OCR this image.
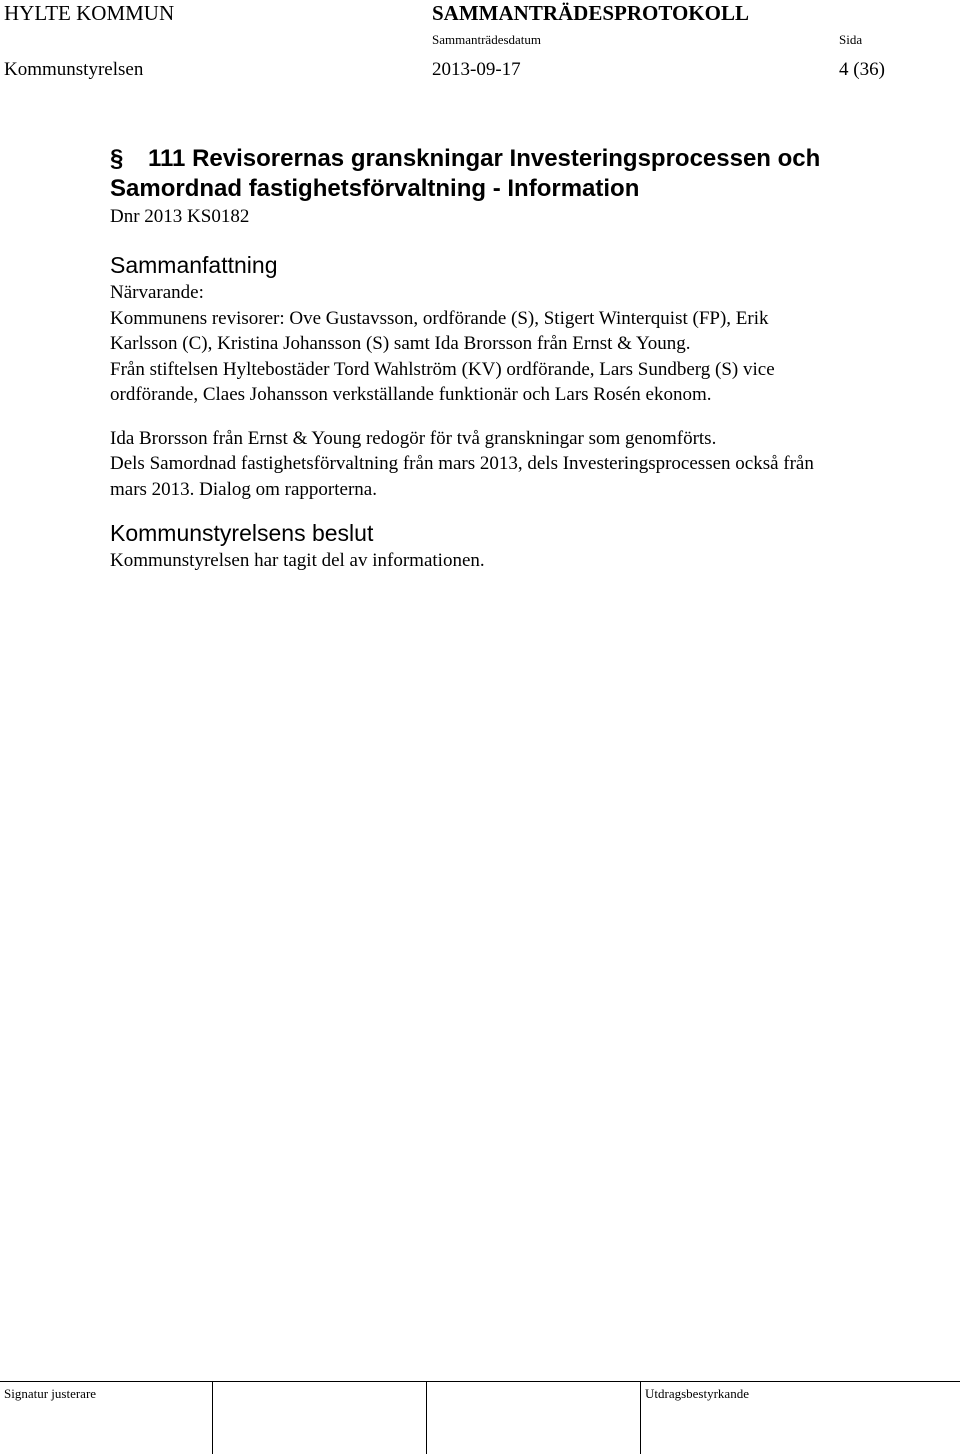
HYLTE KOMMUN	SAMMANTRÄDESPROTOKOLL
Sammanträdesdatum	Sida
Kommunstyrelsen	2013-09-17	4 (36)
§	111 Revisorernas granskningar Investeringsprocessen och
Samordnad fastighetsförvaltning - Information
Dnr 2013 KS0182
Sammanfattning
Närvarande:
Kommunens revisorer: Ove Gustavsson, ordförande (S), Stigert Winterquist (FP), Erik
Karlsson (C), Kristina Johansson (S) samt Ida Brorsson från Ernst & Young.
Från stiftelsen Hyltebostäder Tord Wahlström (KV) ordförande, Lars Sundberg (S) vice
ordförande, Claes Johansson verkställande funktionär och Lars Rosén ekonom.
Ida Brorsson från Ernst & Young redogör för två granskningar som genomförts.
Dels Samordnad fastighetsförvaltning från mars 2013, dels Investeringsprocessen också från
mars 2013. Dialog om rapporterna.
Kommunstyrelsens beslut
Kommunstyrelsen har tagit del av informationen.
Signatur justerare	Utdragsbestyrkande
